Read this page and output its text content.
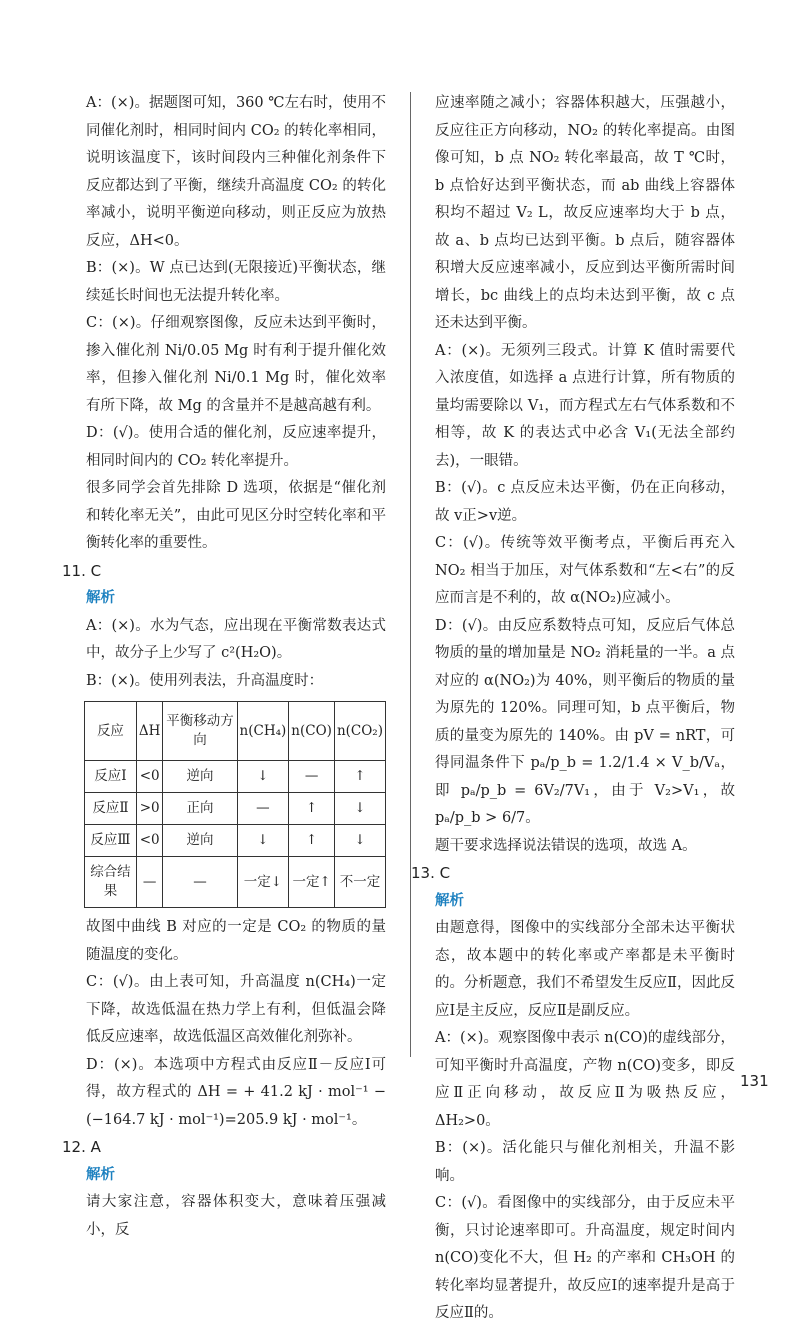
A：(×)。据题图可知，360 ℃左右时，使用不同催化剂时，相同时间内 CO₂ 的转化率相同，说明该温度下，该时间段内三种催化剂条件下反应都达到了平衡，继续升高温度 CO₂ 的转化率减小，说明平衡逆向移动，则正反应为放热反应，ΔH<0。

B：(×)。W 点已达到(无限接近)平衡状态，继续延长时间也无法提升转化率。

C：(×)。仔细观察图像，反应未达到平衡时，掺入催化剂 Ni/0.05 Mg 时有利于提升催化效率，但掺入催化剂 Ni/0.1 Mg 时，催化效率有所下降，故 Mg 的含量并不是越高越有利。

D：(√)。使用合适的催化剂，反应速率提升，相同时间内的 CO₂ 转化率提升。

很多同学会首先排除 D 选项，依据是“催化剂和转化率无关”，由此可见区分时空转化率和平衡转化率的重要性。

11. C

解析

A：(×)。水为气态，应出现在平衡常数表达式中，故分子上少写了 c²(H₂O)。

B：(×)。使用列表法，升高温度时：

反应	ΔH	平衡移动方向	n(CH₄)	n(CO)	n(CO₂)
反应Ⅰ	<0	逆向	↓	—	↑
反应Ⅱ	>0	正向	—	↑	↓
反应Ⅲ	<0	逆向	↓	↑	↓
综合结果	—	—	一定↓	一定↑	不一定

故图中曲线 B 对应的一定是 CO₂ 的物质的量随温度的变化。

C：(√)。由上表可知，升高温度 n(CH₄)一定下降，故选低温在热力学上有利，但低温会降低反应速率，故选低温区高效催化剂弥补。

D：(×)。本选项中方程式由反应Ⅱ－反应Ⅰ可得，故方程式的 ΔH = + 41.2 kJ · mol⁻¹ − (−164.7 kJ · mol⁻¹)=205.9 kJ · mol⁻¹。

12. A

解析

请大家注意，容器体积变大，意味着压强减小，反

应速率随之减小；容器体积越大，压强越小，反应往正方向移动，NO₂ 的转化率提高。由图像可知，b 点 NO₂ 转化率最高，故 T ℃时，b 点恰好达到平衡状态，而 ab 曲线上容器体积均不超过 V₂ L，故反应速率均大于 b 点，故 a、b 点均已达到平衡。b 点后，随容器体积增大反应速率减小，反应到达平衡所需时间增长，bc 曲线上的点均未达到平衡，故 c 点还未达到平衡。

A：(×)。无须列三段式。计算 K 值时需要代入浓度值，如选择 a 点进行计算，所有物质的量均需要除以 V₁，而方程式左右气体系数和不相等，故 K 的表达式中必含 V₁(无法全部约去)，一眼错。

B：(√)。c 点反应未达平衡，仍在正向移动，故 v正>v逆。

C：(√)。传统等效平衡考点，平衡后再充入 NO₂ 相当于加压，对气体系数和“左<右”的反应而言是不利的，故 α(NO₂)应减小。

D：(√)。由反应系数特点可知，反应后气体总物质的量的增加量是 NO₂ 消耗量的一半。a 点对应的 α(NO₂)为 40%，则平衡后的物质的量为原先的 120%。同理可知，b 点平衡后，物质的量变为原先的 140%。由 pV = nRT，可得同温条件下 pₐ/p_b = 1.2/1.4 × V_b/Vₐ，即 pₐ/p_b = 6V₂/7V₁，由于 V₂>V₁，故 pₐ/p_b > 6/7。

题干要求选择说法错误的选项，故选 A。

13. C

解析

由题意得，图像中的实线部分全部未达平衡状态，故本题中的转化率或产率都是未平衡时的。分析题意，我们不希望发生反应Ⅱ，因此反应Ⅰ是主反应，反应Ⅱ是副反应。

A：(×)。观察图像中表示 n(CO)的虚线部分，可知平衡时升高温度，产物 n(CO)变多，即反应Ⅱ正向移动，故反应Ⅱ为吸热反应，ΔH₂>0。

B：(×)。活化能只与催化剂相关，升温不影响。

C：(√)。看图像中的实线部分，由于反应未平衡，只讨论速率即可。升高温度，规定时间内 n(CO)变化不大，但 H₂ 的产率和 CH₃OH 的转化率均显著提升，故反应Ⅰ的速率提升是高于反应Ⅱ的。

131
